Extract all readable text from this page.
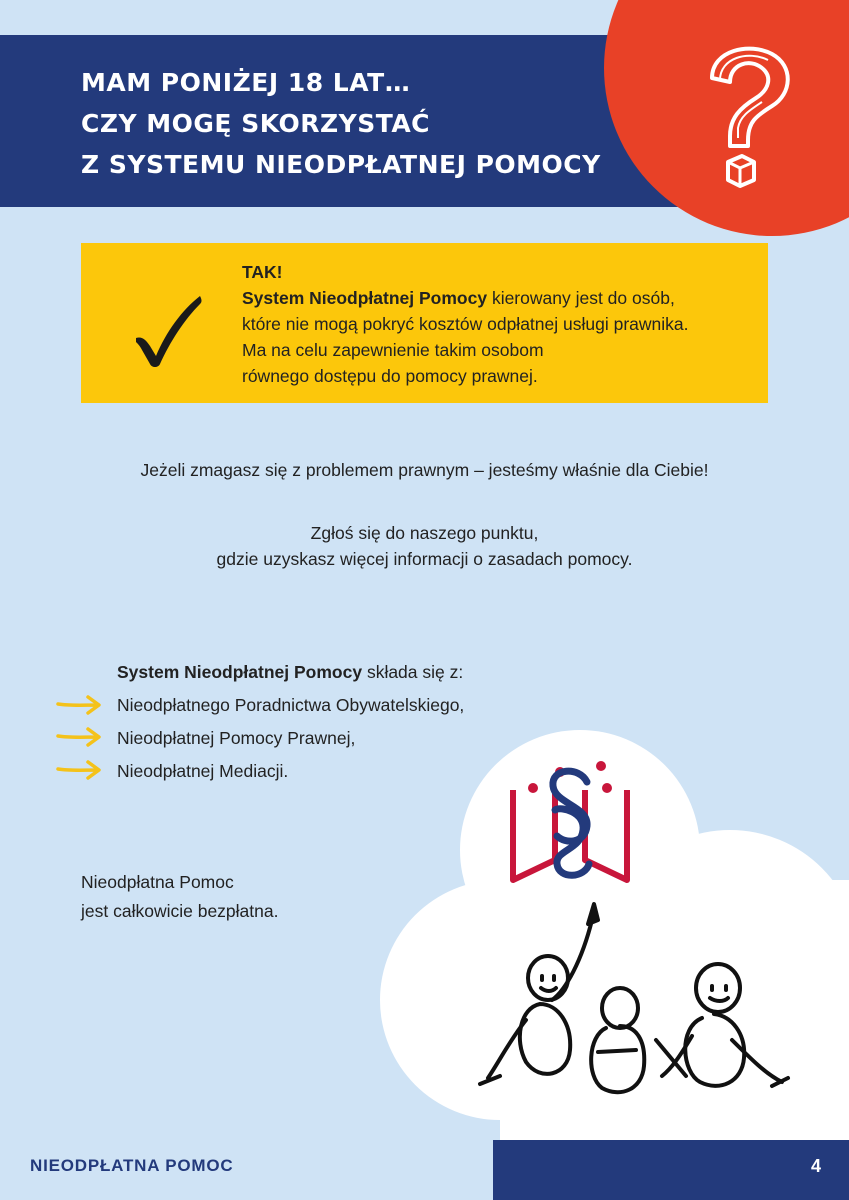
MAM PONIŻEJ 18 LAT…
CZY MOGĘ SKORZYSTAĆ
Z SYSTEMU NIEODPŁATNEJ POMOCY
TAK!
System Nieodpłatnej Pomocy kierowany jest do osób,
które nie mogą pokryć kosztów odpłatnej usługi prawnika.
Ma na celu zapewnienie takim osobom
równego dostępu do pomocy prawnej.
Jeżeli zmagasz się z problemem prawnym – jesteśmy właśnie dla Ciebie!
Zgłoś się do naszego punktu,
gdzie uzyskasz więcej informacji o zasadach pomocy.
System Nieodpłatnej Pomocy składa się z:
Nieodpłatnego Poradnictwa Obywatelskiego,
Nieodpłatnej Pomocy Prawnej,
Nieodpłatnej Mediacji.
Nieodpłatna Pomoc
jest całkowicie bezpłatna.
NIEODPŁATNA POMOC	4
